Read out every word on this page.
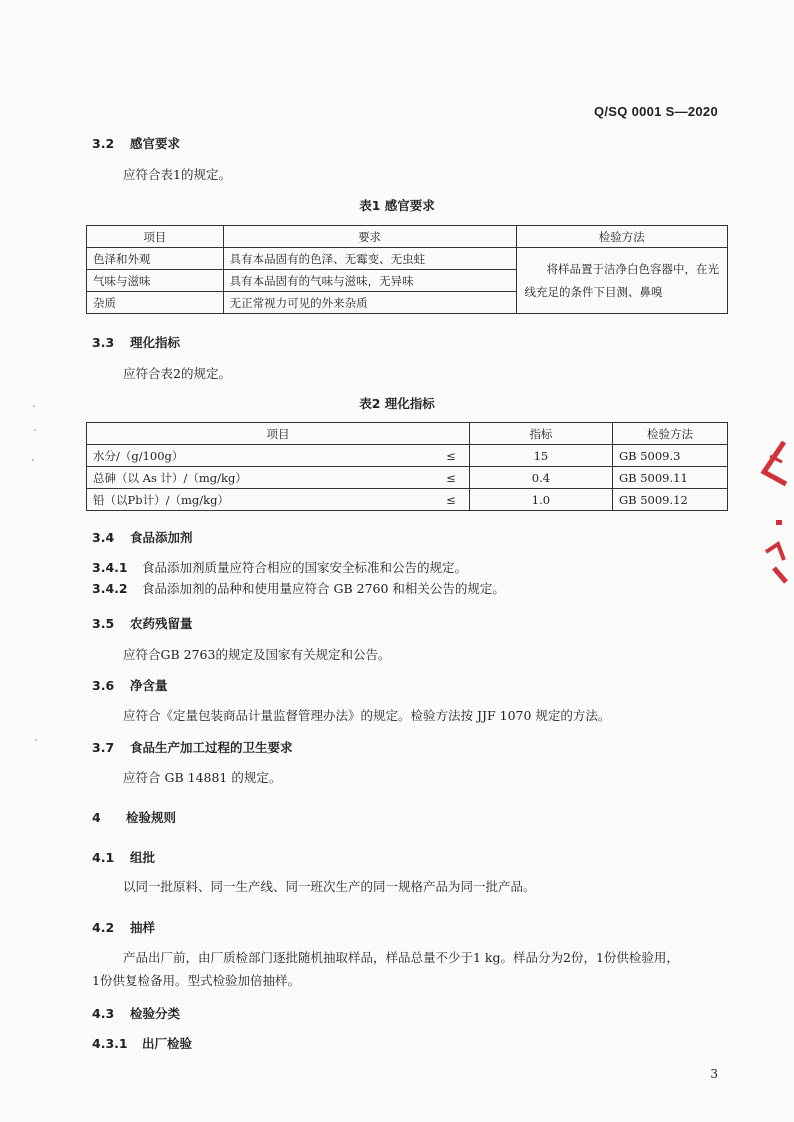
Q/SQ 0001 S—2020
3.2 感官要求
应符合表1的规定。
表1 感官要求
项目	要求	检验方法
色泽和外观	具有本品固有的色泽、无霉变、无虫蛀	将样品置于洁净白色容器中，在光
线充足的条件下目测、鼻嗅

气味与滋味	具有本品固有的气味与滋味，无异味	
杂质	无正常视力可见的外来杂质	
3.3 理化指标
应符合表2的规定。
表2 理化指标
项目		指标	检验方法
水分/（g/100g）	≤	15	GB 5009.3
总砷（以 As 计）/（mg/kg）	≤	0.4	GB 5009.11
铅（以Pb计）/（mg/kg）	≤	1.0	GB 5009.12
3.4 食品添加剂
3.4.1 食品添加剂质量应符合相应的国家安全标准和公告的规定。
3.4.2 食品添加剂的品种和使用量应符合 GB 2760 和相关公告的规定。
3.5 农药残留量
应符合GB 2763的规定及国家有关规定和公告。
3.6 净含量
应符合《定量包装商品计量监督管理办法》的规定。检验方法按 JJF 1070 规定的方法。
3.7 食品生产加工过程的卫生要求
应符合 GB 14881 的规定。
4 检验规则
4.1 组批
以同一批原料、同一生产线、同一班次生产的同一规格产品为同一批产品。
4.2 抽样
产品出厂前，由厂质检部门逐批随机抽取样品，样品总量不少于1 kg。样品分为2份，1份供检验用，
1份供复检备用。型式检验加倍抽样。
4.3 检验分类
4.3.1 出厂检验
3
